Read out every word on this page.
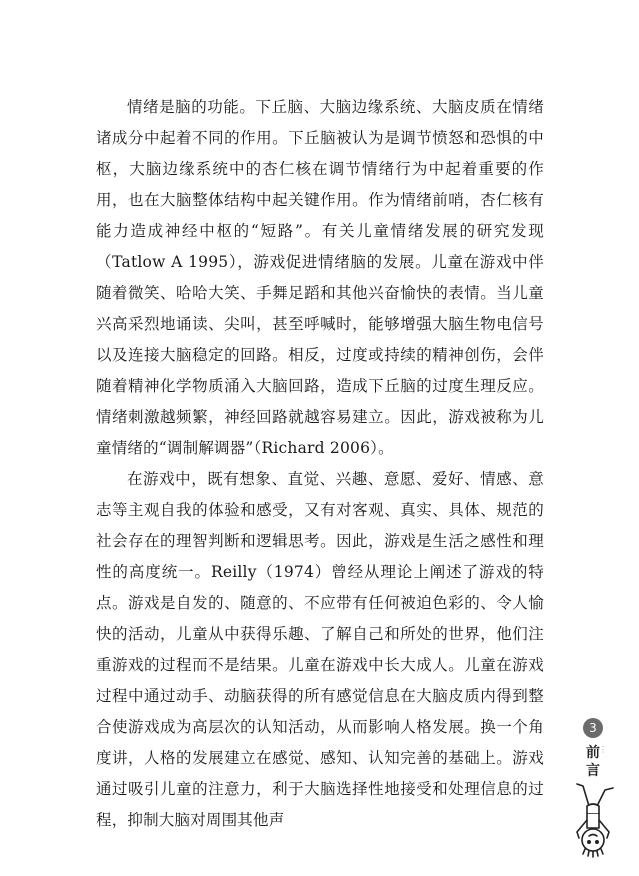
情绪是脑的功能。下丘脑、大脑边缘系统、大脑皮质在情绪诸成分中起着不同的作用。下丘脑被认为是调节愤怒和恐惧的中枢，大脑边缘系统中的杏仁核在调节情绪行为中起着重要的作用，也在大脑整体结构中起关键作用。作为情绪前哨，杏仁核有能力造成神经中枢的“短路”。有关儿童情绪发展的研究发现（Tatlow A 1995），游戏促进情绪脑的发展。儿童在游戏中伴随着微笑、哈哈大笑、手舞足蹈和其他兴奋愉快的表情。当儿童兴高采烈地诵读、尖叫，甚至呼喊时，能够增强大脑生物电信号以及连接大脑稳定的回路。相反，过度或持续的精神创伤，会伴随着精神化学物质涌入大脑回路，造成下丘脑的过度生理反应。情绪刺激越频繁，神经回路就越容易建立。因此，游戏被称为儿童情绪的“调制解调器”（Richard 2006）。

在游戏中，既有想象、直觉、兴趣、意愿、爱好、情感、意志等主观自我的体验和感受，又有对客观、真实、具体、规范的社会存在的理智判断和逻辑思考。因此，游戏是生活之感性和理性的高度统一。Reilly（1974）曾经从理论上阐述了游戏的特点。游戏是自发的、随意的、不应带有任何被迫色彩的、令人愉快的活动，儿童从中获得乐趣、了解自己和所处的世界，他们注重游戏的过程而不是结果。儿童在游戏中长大成人。儿童在游戏过程中通过动手、动脑获得的所有感觉信息在大脑皮质内得到整合使游戏成为高层次的认知活动，从而影响人格发展。换一个角度讲，人格的发展建立在感觉、感知、认知完善的基础上。游戏通过吸引儿童的注意力，利于大脑选择性地接受和处理信息的过程，抑制大脑对周围其他声

3
⋮
前
言
